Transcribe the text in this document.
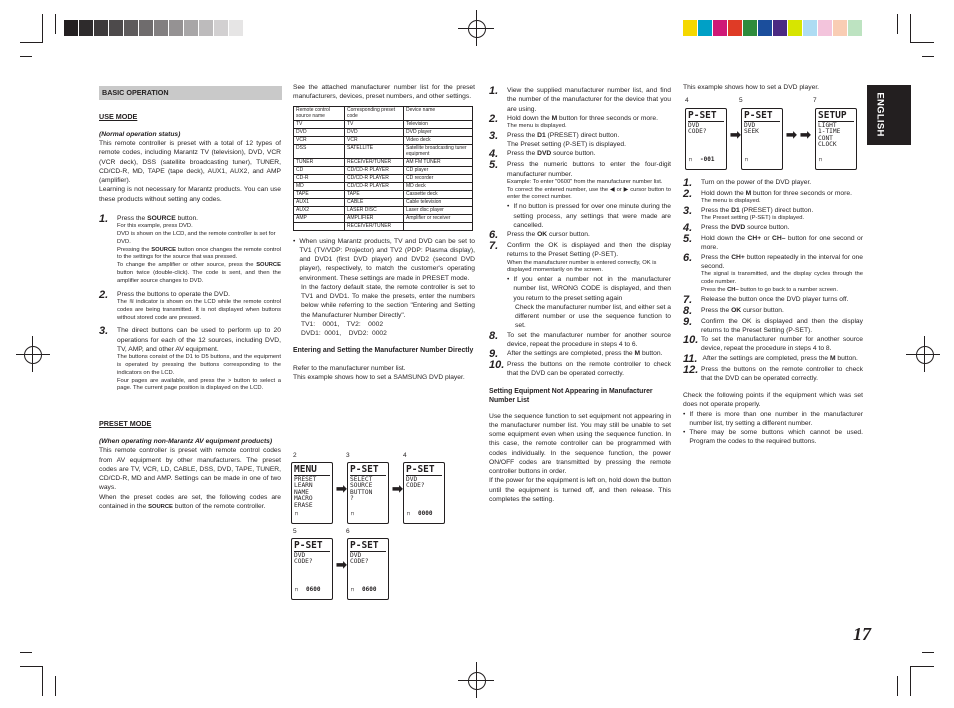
ENGLISH
BASIC OPERATION
USE MODE
(Normal operation status)
This remote controller is preset with a total of 12 types of remote codes, including Marantz TV (television), DVD, VCR (VCR deck), DSS (satellite broadcasting tuner), TUNER, CD/CD-R, MD, TAPE (tape deck), AUX1, AUX2, and AMP (amplifier).
Learning is not necessary for Marantz products. You can use these products without setting any codes.
1.	Press the SOURCE button.
For this example, press DVD.
DVD is shown on the LCD, and the remote controller is set for DVD.
Pressing the SOURCE button once changes the remote control to the settings for the source that was pressed.
To change the amplifier or other source, press the SOURCE button twice (double-click). The code is sent, and then the amplifier source changes to DVD.
2.	Press the buttons to operate the DVD.
The ≋ indicator is shown on the LCD while the remote control codes are being transmitted. It is not displayed when buttons without stored code are pressed.
3.	The direct buttons can be used to perform up to 20 operations for each of the 12 sources, including DVD, TV, AMP, and other AV equipment.
The buttons consist of the D1 to D5 buttons, and the equipment is operated by pressing the buttons corresponding to the indicators on the LCD.
Four pages are available, and press the > button to select a page. The current page position is displayed on the LCD.
PRESET MODE
(When operating non-Marantz AV equipment products)
This remote controller is preset with remote control codes from AV equipment by other manufacturers. The preset codes are TV, VCR, LD, CABLE, DSS, DVD, TAPE, TUNER, CD/CD-R, MD and AMP. Settings can be made in one of two ways.
When the preset codes are set, the following codes are contained in the SOURCE button of the remote controller.
See the attached manufacturer number list for the preset manufacturers, devices, preset numbers, and other settings.
Remote control source name	Corresponding preset code	Device name
TV	TV	Television
DVD	DVD	DVD player
VCR	VCR	Video deck
DSS	SATELLITE	Satellite broadcasting tuner equipment
TUNER	RECEIVER/TUNER	AM FM TUNER
CD	CD/CD-R PLAYER	CD player
CD-R	CD/CD-R PLAYER	CD recorder
MD	CD/CD-R PLAYER	MD deck
TAPE	TAPE	Cassette deck
AUX1	CABLE	Cable television
AUX2	LASER DISC	Laser disc player
AMP	AMPLIFIER	Amplifier or receiver
	RECEIVER/TUNER	
• When using Marantz products, TV and DVD can be set to TV1 (TV/VDP: Projector) and TV2 (PDP: Plasma display), and DVD1 (first DVD player) and DVD2 (second DVD player), respectively, to match the customer's operating environment. These settings are made in PRESET mode.
In the factory default state, the remote controller is set to TV1 and DVD1. To make the presets, enter the numbers below while referring to the section "Entering and Setting the Manufacturer Number Directly".
TV1:    0001,    TV2:    0002
DVD1:  0001,    DVD2:  0002
Entering and Setting the Manufacturer Number Directly
Refer to the manufacturer number list.
This example shows how to set a SAMSUNG DVD player.
2	3	4
5	6
MENU
PRESET
LEARN
NAME
MACRO
ERASE
⊓
➡
P-SET
SELECT
SOURCE
BUTTON
?
⊓
➡
P-SET
DVD
CODE?
⊓ 0000
P-SET
DVD
CODE?
⊓ 0600
➡
P-SET
DVD
CODE?
⊓ 0600
1.	View the supplied manufacturer number list, and find the number of the manufacturer for the device that you are using.
2.	Hold down the M button for three seconds or more.
The menu is displayed.
3.	Press the D1 (PRESET) direct button.
The Preset setting (P-SET) is displayed.
4.	Press the DVD source button.
5.	Press the numeric buttons to enter the four-digit manufacturer number.
Example: To enter "0600" from the manufacturer number list.
To correct the entered number, use the ◀ or ▶ cursor button to enter the correct number.
• If no button is pressed for over one minute during the setting process, any settings that were made are cancelled.
6.	Press the OK cursor button.
7.	Confirm the OK is displayed and then the display returns to the Preset Setting (P-SET).
When the manufacturer number is entered correctly, OK is displayed momentarily on the screen.
• If you enter a number not in the manufacturer number list, WRONG CODE is displayed, and then you return to the preset setting again
Check the manufacturer number list, and either set a different number or use the sequence function to set.
8.	To set the manufacturer number for another source device, repeat the procedure in steps 4 to 6.
9.	After the settings are completed, press the M button.
10. Press the buttons on the remote controller to check that the DVD can be operated correctly.
Setting Equipment Not Appearing in Manufacturer Number List
Use the sequence function to set equipment not appearing in the manufacturer number list. You may still be unable to set some equipment even when using the sequence function. In this case, the remote controller can be programmed with codes individually. In the sequence function, the power ON/OFF codes are transmitted by pressing the remote controller buttons in order.
If the power for the equipment is left on, hold down the button until the equipment is turned off, and then release. This completes the setting.
This example shows how to set a DVD player.
4	5	7
P-SET
DVD
CODE?
⊓ -001
➡
P-SET
DVD
SEEK
⊓
➡ ➡
SETUP
LIGHT
1-TIME
CONT
CLOCK
⊓
1.	Turn on the power of the DVD player.
2.	Hold down the M button for three seconds or more.
The menu is displayed.
3.	Press the D1 (PRESET) direct button.
The Preset setting (P-SET) is displayed.
4.	Press the DVD source button.
5.	Hold down the CH+ or CH– button for one second or more.
6.	Press the CH+ button repeatedly in the interval for one second.
The signal is transmitted, and the display cycles through the code number.
Press the CH– button to go back to a number screen.
7.	Release the button once the DVD player turns off.
8.	Press the OK cursor button.
9.	Confirm the OK is displayed and then the display returns to the Preset Setting (P-SET).
10. To set the manufacturer number for another source device, repeat the procedure in steps 4 to 8.
11. After the settings are completed, press the M button.
12. Press the buttons on the remote controller to check that the DVD can be operated correctly.
Check the following points if the equipment which was set does not operate properly.
• If there is more than one number in the manufacturer number list, try setting a different number.
• There may be some buttons which cannot be used. Program the codes to the required buttons.
17
